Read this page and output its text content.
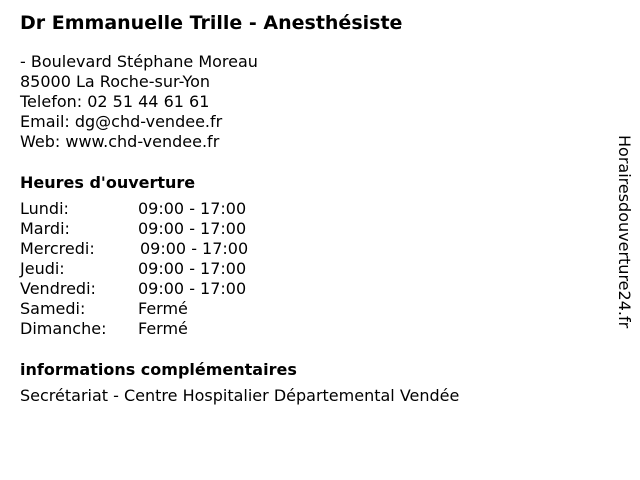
Dr Emmanuelle Trille - Anesthésiste
- Boulevard Stéphane Moreau
85000 La Roche-sur-Yon
Telefon: 02 51 44 61 61
Email: dg@chd-vendee.fr
Web: www.chd-vendee.fr
Heures d'ouverture
Lundi:	09:00 - 17:00
Mardi:	09:00 - 17:00
Mercredi:	09:00 - 17:00
Jeudi:	09:00 - 17:00
Vendredi:	09:00 - 17:00
Samedi:	Fermé
Dimanche:	Fermé
informations complémentaires
Secrétariat - Centre Hospitalier Départemental Vendée
Horairesdouverture24.fr
